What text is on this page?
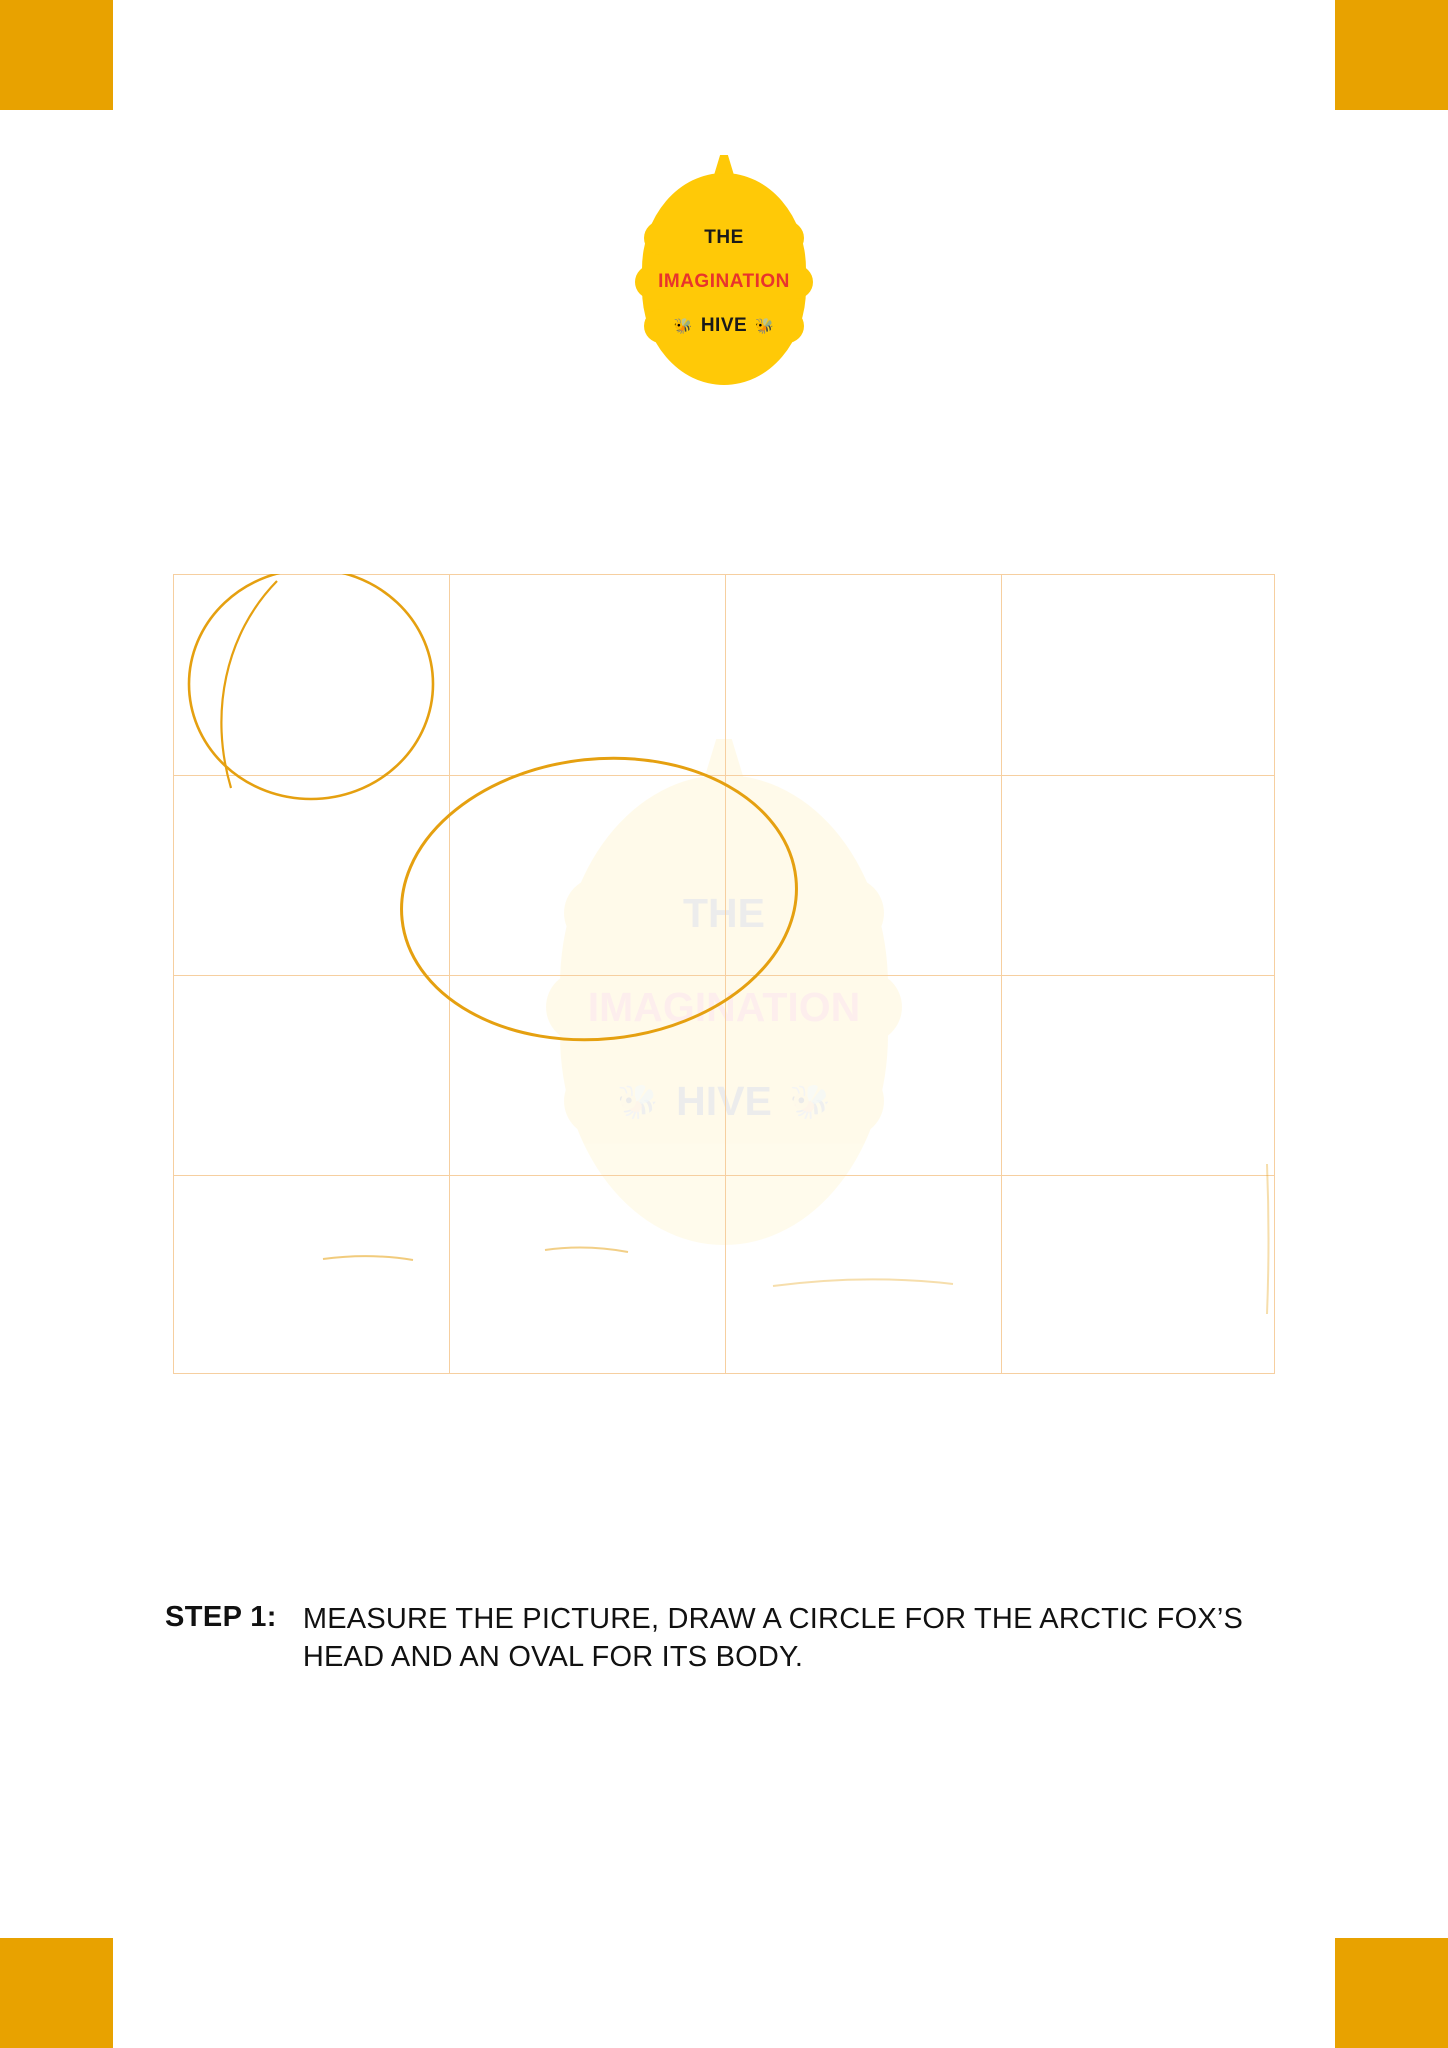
THE
IMAGINATION
🐝 HIVE 🐝
THE
IMAGINATION
🐝 HIVE 🐝
STEP 1: MEASURE THE PICTURE, DRAW A CIRCLE FOR THE ARCTIC FOX’S HEAD AND AN OVAL FOR ITS BODY.
